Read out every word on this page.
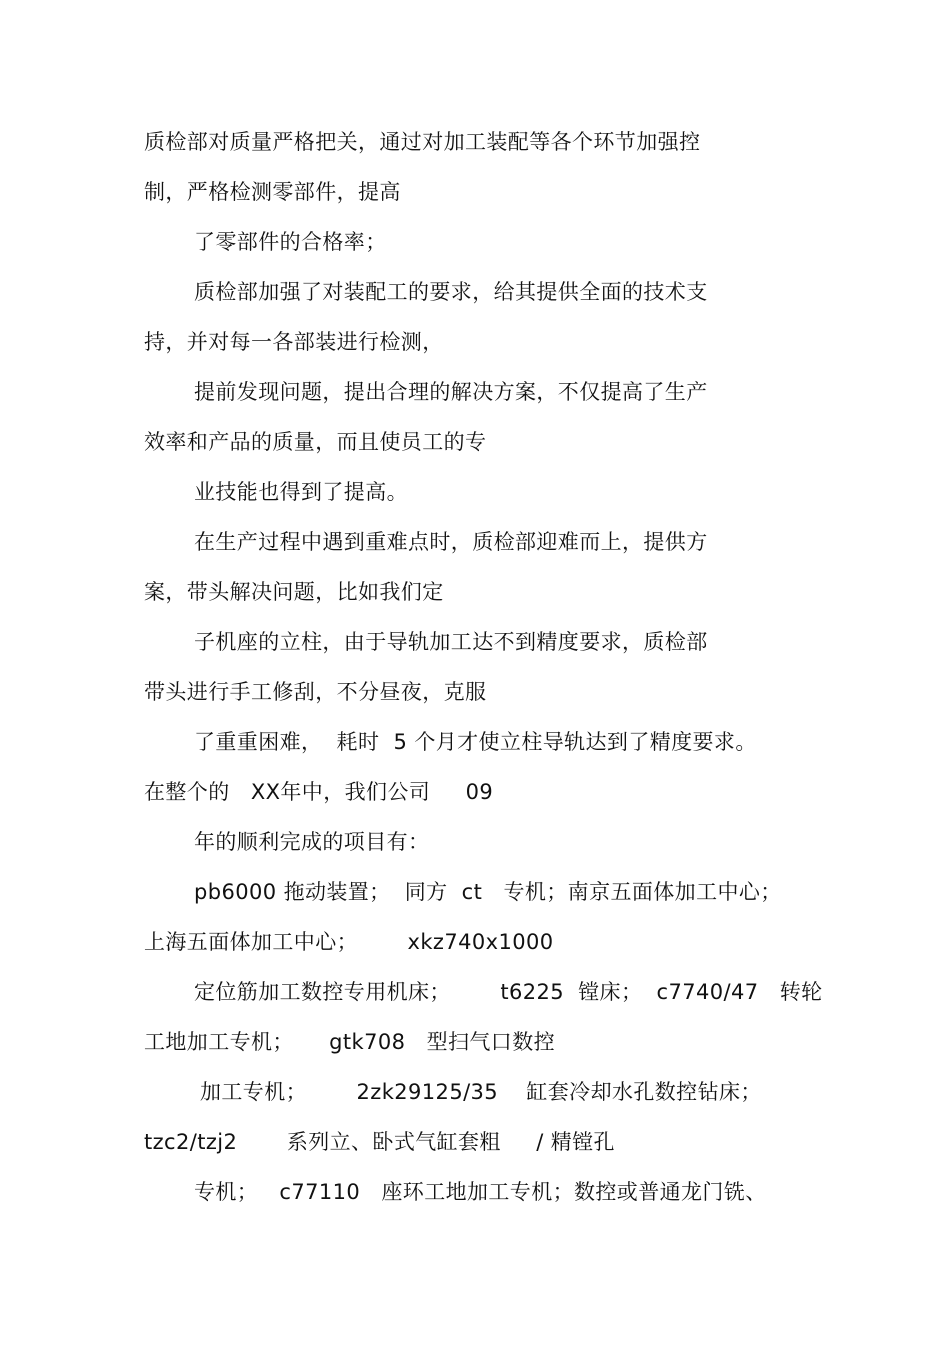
质检部对质量严格把关，通过对加工装配等各个环节加强控
制，严格检测零部件，提高
了零部件的合格率；
质检部加强了对装配工的要求，给其提供全面的技术支
持，并对每一各部装进行检测，
提前发现问题，提出合理的解决方案，不仅提高了生产
效率和产品的质量，而且使员工的专
业技能也得到了提高。
在生产过程中遇到重难点时，质检部迎难而上，提供方
案，带头解决问题，比如我们定
子机座的立柱，由于导轨加工达不到精度要求，质检部
带头进行手工修刮，不分昼夜，克服
了重重困难，  耗时  5 个月才使立柱导轨达到了精度要求。
在整个的   XX年中，我们公司     09
年的顺利完成的项目有：
pb6000 拖动装置；  同方  ct   专机；南京五面体加工中心；
上海五面体加工中心；       xkz740x1000
定位筋加工数控专用机床；       t6225  镗床；  c7740/47   转轮
工地加工专机；     gtk708   型扫气口数控
加工专机；       2zk29125/35    缸套冷却水孔数控钻床；
tzc2/tzj2       系列立、卧式气缸套粗     / 精镗孔
专机；   c77110   座环工地加工专机；数控或普通龙门铣、
